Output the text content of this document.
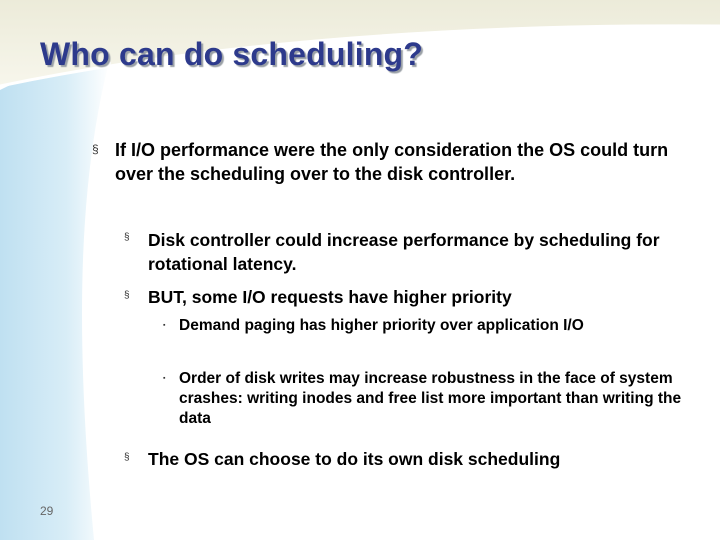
Who can do scheduling?
§ If I/O performance were the only consideration the OS could turn over the scheduling over to the disk controller.
§ Disk controller could increase performance by scheduling for rotational latency.
§ BUT, some I/O requests have higher priority
▪ Demand paging has higher priority over application I/O
▪ Order of disk writes may increase robustness in the face of system crashes: writing inodes and free list more important than writing the data
§ The OS can choose to do its own disk scheduling
29
